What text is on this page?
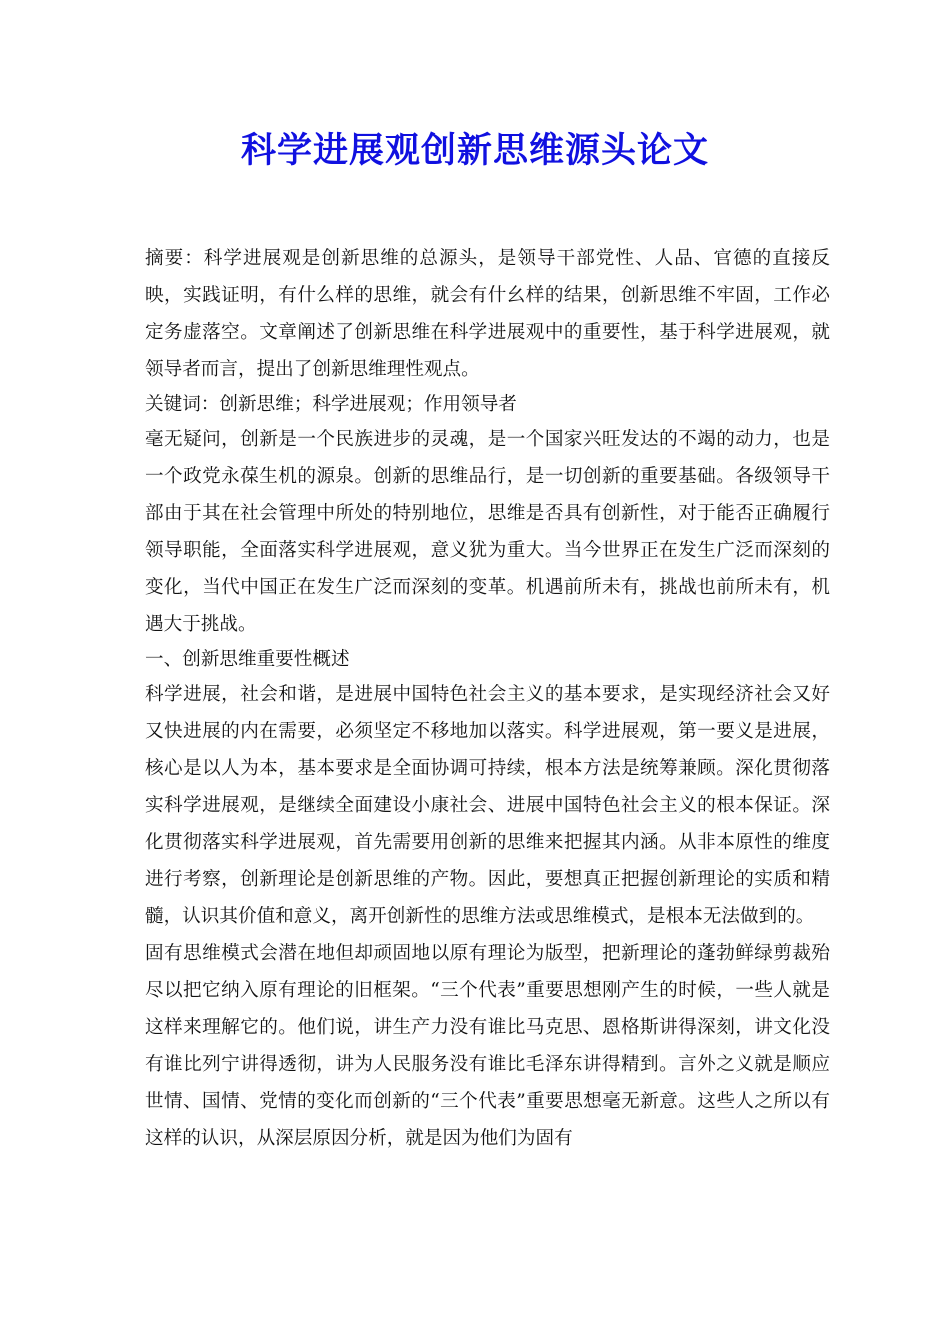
科学进展观创新思维源头论文

摘要：科学进展观是创新思维的总源头，是领导干部党性、人品、官德的直接反映，实践证明，有什么样的思维，就会有什幺样的结果，创新思维不牢固，工作必定务虚落空。文章阐述了创新思维在科学进展观中的重要性，基于科学进展观，就领导者而言，提出了创新思维理性观点。

关键词：创新思维；科学进展观；作用领导者

毫无疑问，创新是一个民族进步的灵魂，是一个国家兴旺发达的不竭的动力，也是一个政党永葆生机的源泉。创新的思维品行，是一切创新的重要基础。各级领导干部由于其在社会管理中所处的特别地位，思维是否具有创新性，对于能否正确履行领导职能，全面落实科学进展观，意义犹为重大。当今世界正在发生广泛而深刻的变化，当代中国正在发生广泛而深刻的变革。机遇前所未有，挑战也前所未有，机遇大于挑战。

一、创新思维重要性概述

科学进展，社会和谐，是进展中国特色社会主义的基本要求，是实现经济社会又好又快进展的内在需要，必须坚定不移地加以落实。科学进展观，第一要义是进展，核心是以人为本，基本要求是全面协调可持续，根本方法是统筹兼顾。深化贯彻落实科学进展观，是继续全面建设小康社会、进展中国特色社会主义的根本保证。深化贯彻落实科学进展观，首先需要用创新的思维来把握其内涵。从非本原性的维度进行考察，创新理论是创新思维的产物。因此，要想真正把握创新理论的实质和精髓，认识其价值和意义，离开创新性的思维方法或思维模式，是根本无法做到的。

固有思维模式会潜在地但却顽固地以原有理论为版型，把新理论的蓬勃鲜绿剪裁殆尽以把它纳入原有理论的旧框架。“三个代表”重要思想刚产生的时候，一些人就是这样来理解它的。他们说，讲生产力没有谁比马克思、恩格斯讲得深刻，讲文化没有谁比列宁讲得透彻，讲为人民服务没有谁比毛泽东讲得精到。言外之义就是顺应世情、国情、党情的变化而创新的“三个代表”重要思想毫无新意。这些人之所以有这样的认识，从深层原因分析，就是因为他们为固有
